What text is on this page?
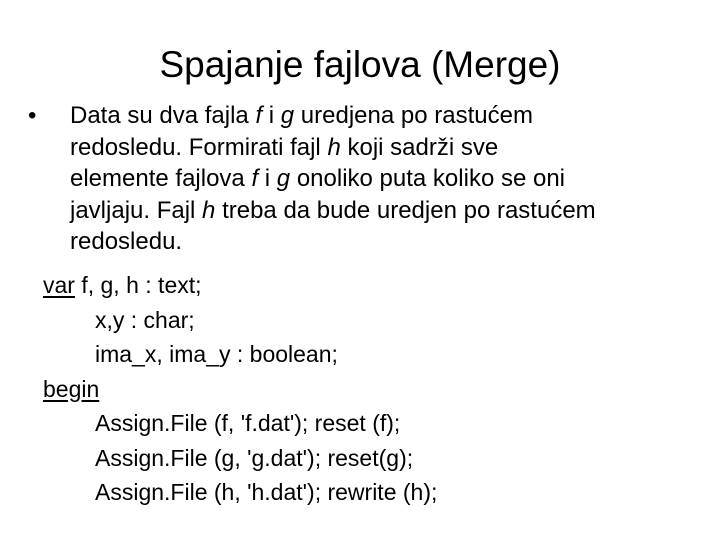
Spajanje fajlova (Merge)
•	Data su dva fajla f i g uredjena po rastućem
redosledu. Formirati fajl h koji sadrži sve
elemente fajlova f i g onoliko puta koliko se oni
javljaju. Fajl h treba da bude uredjen po rastućem
redosledu.
var f, g, h : text;
x,y : char;
ima_x, ima_y : boolean;
begin
Assign.File (f, 'f.dat'); reset (f);
Assign.File (g, 'g.dat'); reset(g);
Assign.File (h, 'h.dat'); rewrite (h);
